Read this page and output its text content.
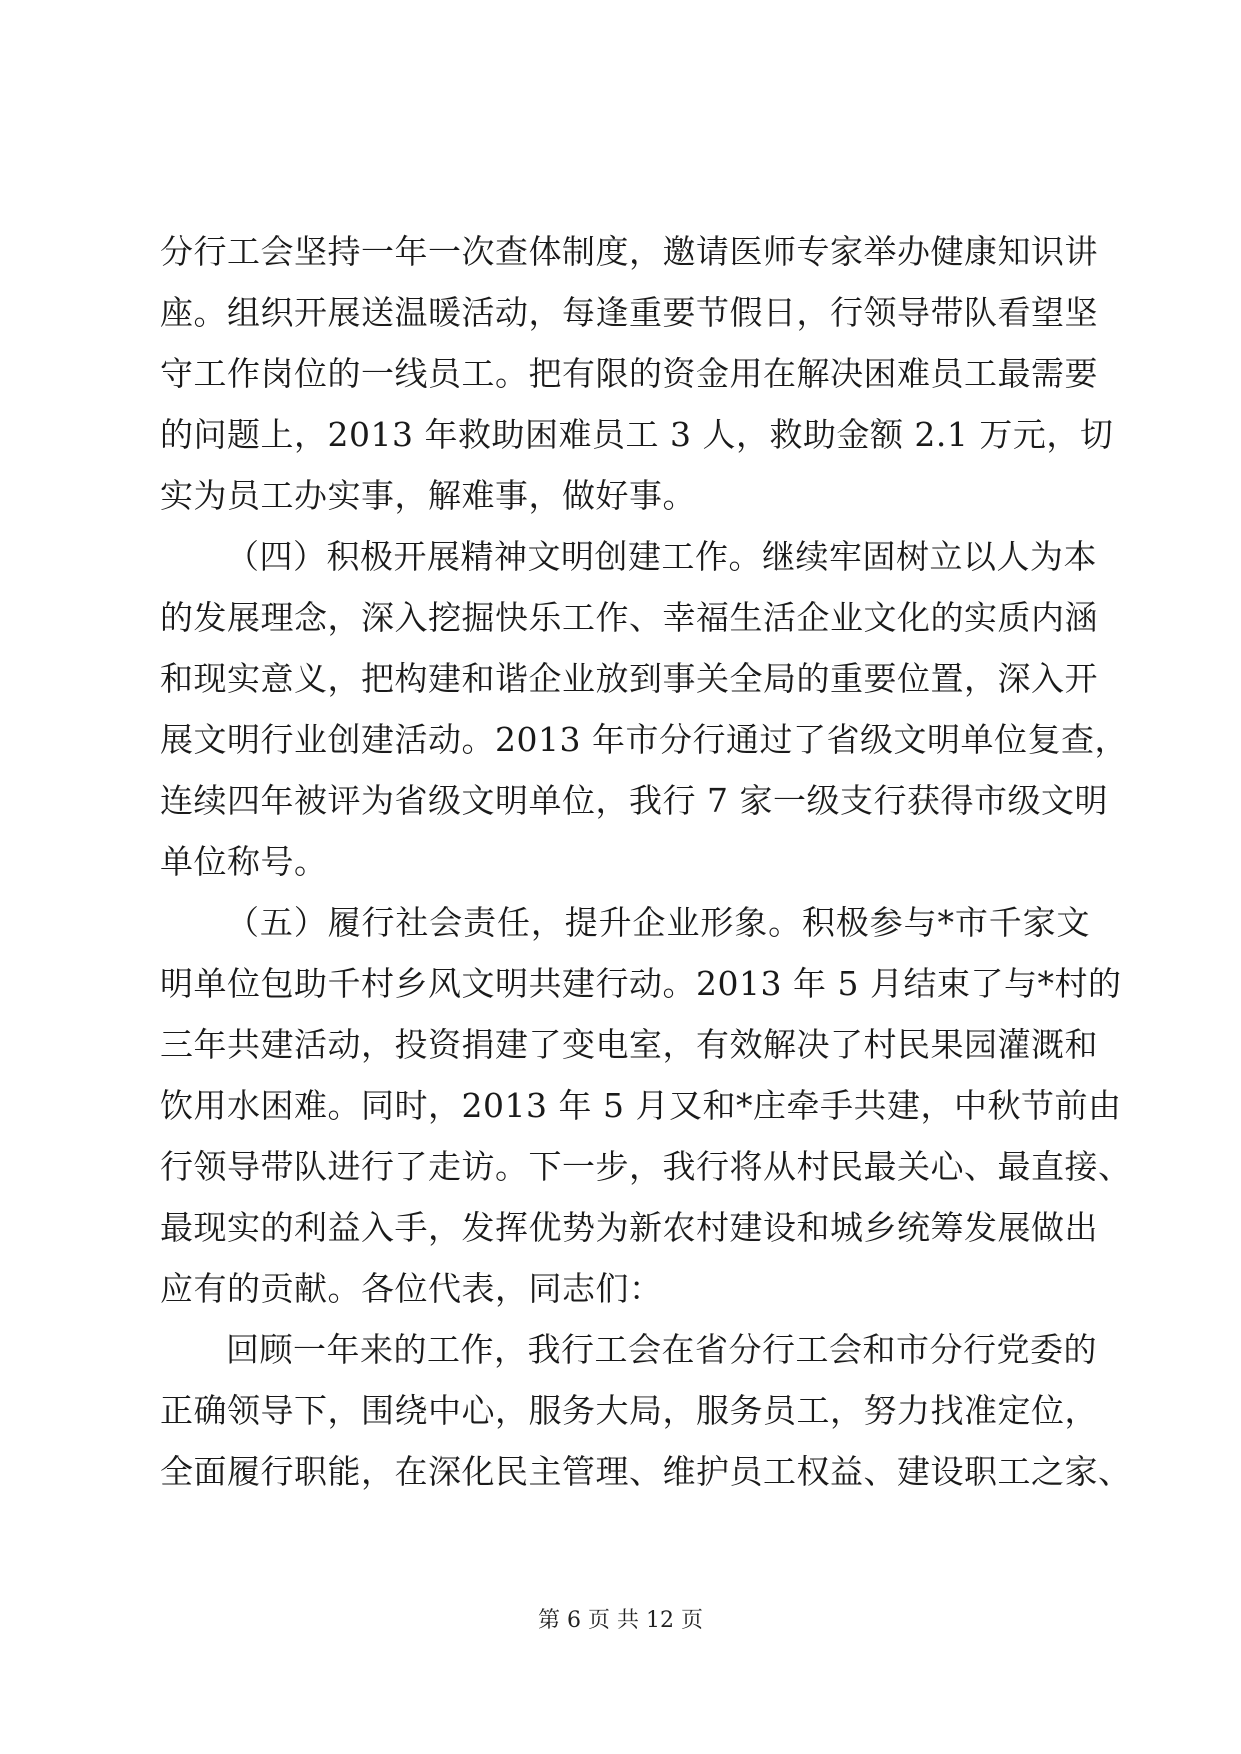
分行工会坚持一年一次查体制度，邀请医师专家举办健康知识讲
座。组织开展送温暖活动，每逢重要节假日，行领导带队看望坚
守工作岗位的一线员工。把有限的资金用在解决困难员工最需要
的问题上，2013 年救助困难员工 3 人，救助金额 2.1 万元，切
实为员工办实事，解难事，做好事。
（四）积极开展精神文明创建工作。继续牢固树立以人为本
的发展理念，深入挖掘快乐工作、幸福生活企业文化的实质内涵
和现实意义，把构建和谐企业放到事关全局的重要位置，深入开
展文明行业创建活动。2013 年市分行通过了省级文明单位复查，
连续四年被评为省级文明单位，我行 7 家一级支行获得市级文明
单位称号。
（五）履行社会责任，提升企业形象。积极参与*市千家文
明单位包助千村乡风文明共建行动。2013 年 5 月结束了与*村的
三年共建活动，投资捐建了变电室，有效解决了村民果园灌溉和
饮用水困难。同时，2013 年 5 月又和*庄牵手共建，中秋节前由
行领导带队进行了走访。下一步，我行将从村民最关心、最直接、
最现实的利益入手，发挥优势为新农村建设和城乡统筹发展做出
应有的贡献。各位代表，同志们：
回顾一年来的工作，我行工会在省分行工会和市分行党委的
正确领导下，围绕中心，服务大局，服务员工，努力找准定位，
全面履行职能，在深化民主管理、维护员工权益、建设职工之家、
第 6 页 共 12 页
